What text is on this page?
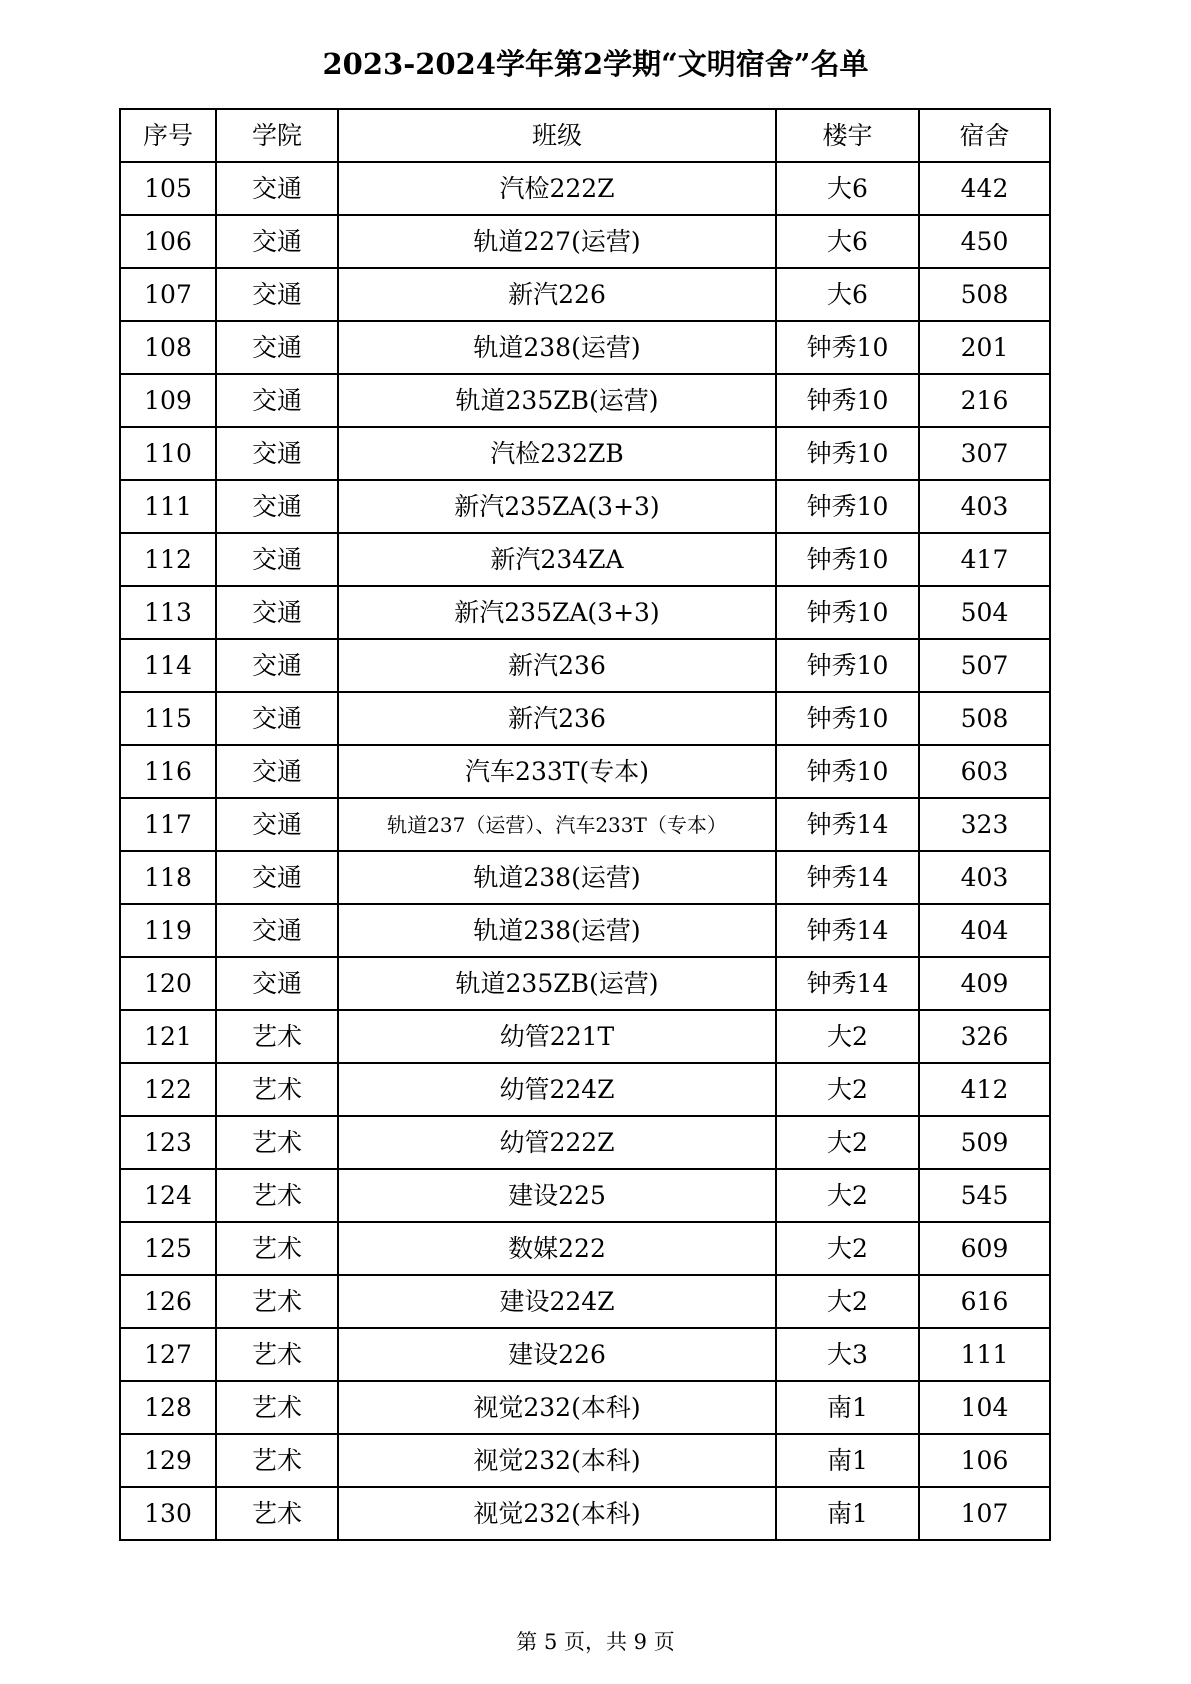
2023-2024学年第2学期“文明宿舍”名单
序号	学院	班级	楼宇	宿舍
105	交通	汽检222Z	大6	442
106	交通	轨道227(运营)	大6	450
107	交通	新汽226	大6	508
108	交通	轨道238(运营)	钟秀10	201
109	交通	轨道235ZB(运营)	钟秀10	216
110	交通	汽检232ZB	钟秀10	307
111	交通	新汽235ZA(3+3)	钟秀10	403
112	交通	新汽234ZA	钟秀10	417
113	交通	新汽235ZA(3+3)	钟秀10	504
114	交通	新汽236	钟秀10	507
115	交通	新汽236	钟秀10	508
116	交通	汽车233T(专本)	钟秀10	603
117	交通	轨道237（运营）、汽车233T（专本）	钟秀14	323
118	交通	轨道238(运营)	钟秀14	403
119	交通	轨道238(运营)	钟秀14	404
120	交通	轨道235ZB(运营)	钟秀14	409
121	艺术	幼管221T	大2	326
122	艺术	幼管224Z	大2	412
123	艺术	幼管222Z	大2	509
124	艺术	建设225	大2	545
125	艺术	数媒222	大2	609
126	艺术	建设224Z	大2	616
127	艺术	建设226	大3	111
128	艺术	视觉232(本科)	南1	104
129	艺术	视觉232(本科)	南1	106
130	艺术	视觉232(本科)	南1	107
第 5 页，共 9 页
